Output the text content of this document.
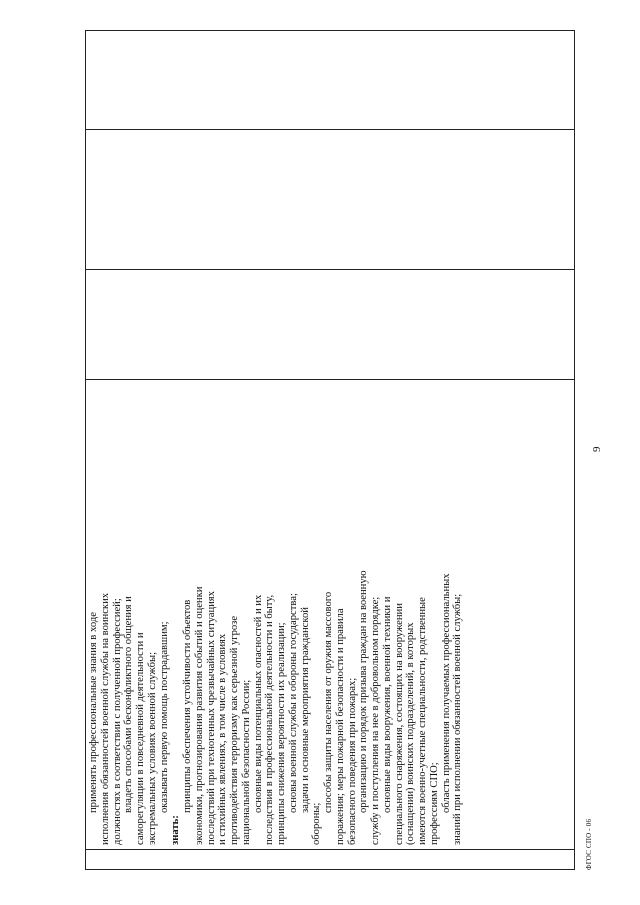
применять профессиональные знания в ходе исполнения обязанностей военной службы на воинских должностях в соответствии с полученной профессией; владеть способами бесконфликтного общения и саморегуляции в повседневной деятельности и экстремальных условиях военной службы; оказывать первую помощь пострадавшим;
знать:
принципы обеспечения устойчивости объектов экономики, прогнозирования развития событий и оценки последствий при техногенных чрезвычайных ситуациях и стихийных явлениях, в том числе в условиях противодействия терроризму как серьезной угрозе национальной безопасности России; основные виды потенциальных опасностей и их последствия в профессиональной деятельности и быту, принципы снижения вероятности их реализации; основы военной службы и обороны государства; задачи и основные мероприятия гражданской
обороны;
способы защиты населения от оружия массового поражения; меры пожарной безопасности и правила безопасного поведения при пожарах; организацию и порядок призыва граждан на военную службу и поступления на нее в добровольном порядке; основные виды вооружения, военной техники и специального снаряжения, состоящих на вооружении (оснащении) воинских подразделений, в которых имеются военно-учетные специальности, родственные профессиям СПО; область применения получаемых профессиональных знаний при исполнении обязанностей военной службы;
9
ФГОС СПО - 06
